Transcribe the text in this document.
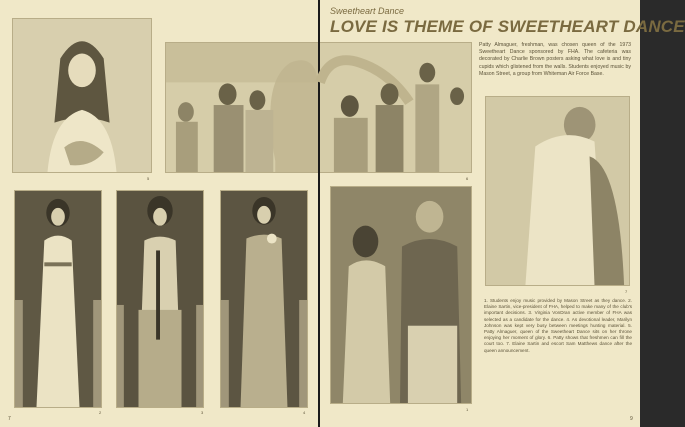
5
2	3	4
7
6
1
7
9
Sweetheart Dance
LOVE IS THEME OF SWEETHEART DANCE
Patty Almaguer, freshman, was chosen queen of the 1973 Sweetheart Dance sponsored by FHA. The cafeteria was decorated by Charlie Brown posters asking what love is and tiny cupids which glistened from the walls. Students enjoyed music by Mason Street, a group from Whiteman Air Force Base.
1. Students enjoy music provided by Mason Street as they dance. 2. Elaine Sartin, vice-president of FHA, helped to make many of the club's important decisions. 3. Virginia VonDran active member of FHA was selected as a candidate for the dance. 4. As devotional leader, Marilyn Johnson was kept very busy between meetings hunting material. 5. Patty Almaguer, queen of the Sweetheart Dance sits on her throne enjoying her moment of glory. 6. Patty shows that freshmen can fill the court too. 7. Elaine Sartin and escort Sam Matthews dance after the queen announcement.
